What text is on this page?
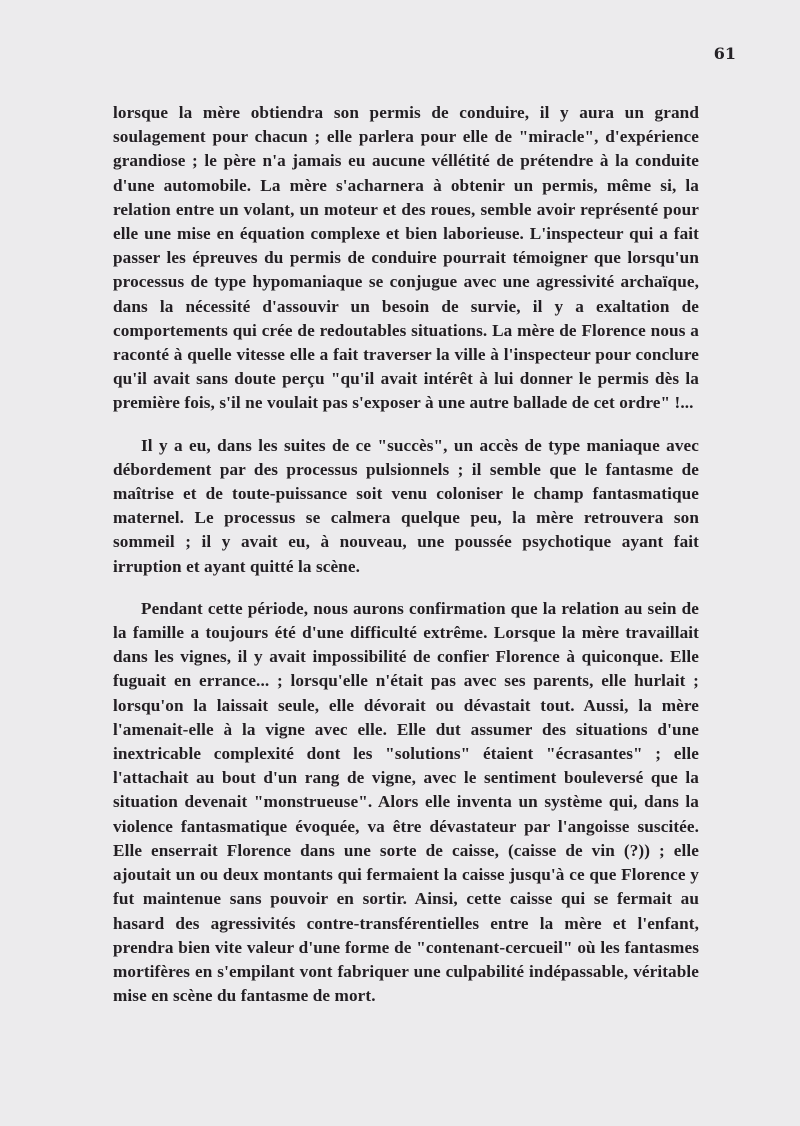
61

lorsque la mère obtiendra son permis de conduire, il y aura un grand soulagement pour chacun ; elle parlera pour elle de "miracle", d'expérience grandiose ; le père n'a jamais eu aucune véllétité de prétendre à la conduite d'une automobile. La mère s'acharnera à obtenir un permis, même si, la relation entre un volant, un moteur et des roues, semble avoir représenté pour elle une mise en équation complexe et bien laborieuse. L'inspecteur qui a fait passer les épreuves du permis de conduire pourrait témoigner que lorsqu'un processus de type hypomaniaque se conjugue avec une agressivité archaïque, dans la nécessité d'assouvir un besoin de survie, il y a exaltation de comportements qui crée de redoutables situations. La mère de Florence nous a raconté à quelle vitesse elle a fait traverser la ville à l'inspecteur pour conclure qu'il avait sans doute perçu "qu'il avait intérêt à lui donner le permis dès la première fois, s'il ne voulait pas s'exposer à une autre ballade de cet ordre" !...

Il y a eu, dans les suites de ce "succès", un accès de type maniaque avec débordement par des processus pulsionnels ; il semble que le fantasme de maîtrise et de toute-puissance soit venu coloniser le champ fantasmatique maternel. Le processus se calmera quelque peu, la mère retrouvera son sommeil ; il y avait eu, à nouveau, une poussée psychotique ayant fait irruption et ayant quitté la scène.

Pendant cette période, nous aurons confirmation que la relation au sein de la famille a toujours été d'une difficulté extrême. Lorsque la mère travaillait dans les vignes, il y avait impossibilité de confier Florence à quiconque. Elle fuguait en errance... ; lorsqu'elle n'était pas avec ses parents, elle hurlait ; lorsqu'on la laissait seule, elle dévorait ou dévastait tout. Aussi, la mère l'amenait-elle à la vigne avec elle. Elle dut assumer des situations d'une inextricable complexité dont les "solutions" étaient "écrasantes" ; elle l'attachait au bout d'un rang de vigne, avec le sentiment bouleversé que la situation devenait "monstrueuse". Alors elle inventa un système qui, dans la violence fantasmatique évoquée, va être dévastateur par l'angoisse suscitée. Elle enserrait Florence dans une sorte de caisse, (caisse de vin (?)) ; elle ajoutait un ou deux montants qui fermaient la caisse jusqu'à ce que Florence y fut maintenue sans pouvoir en sortir. Ainsi, cette caisse qui se fermait au hasard des agressivités contre-transférentielles entre la mère et l'enfant, prendra bien vite valeur d'une forme de "contenant-cercueil" où les fantasmes mortifères en s'empilant vont fabriquer une culpabilité indépassable, véritable mise en scène du fantasme de mort.
